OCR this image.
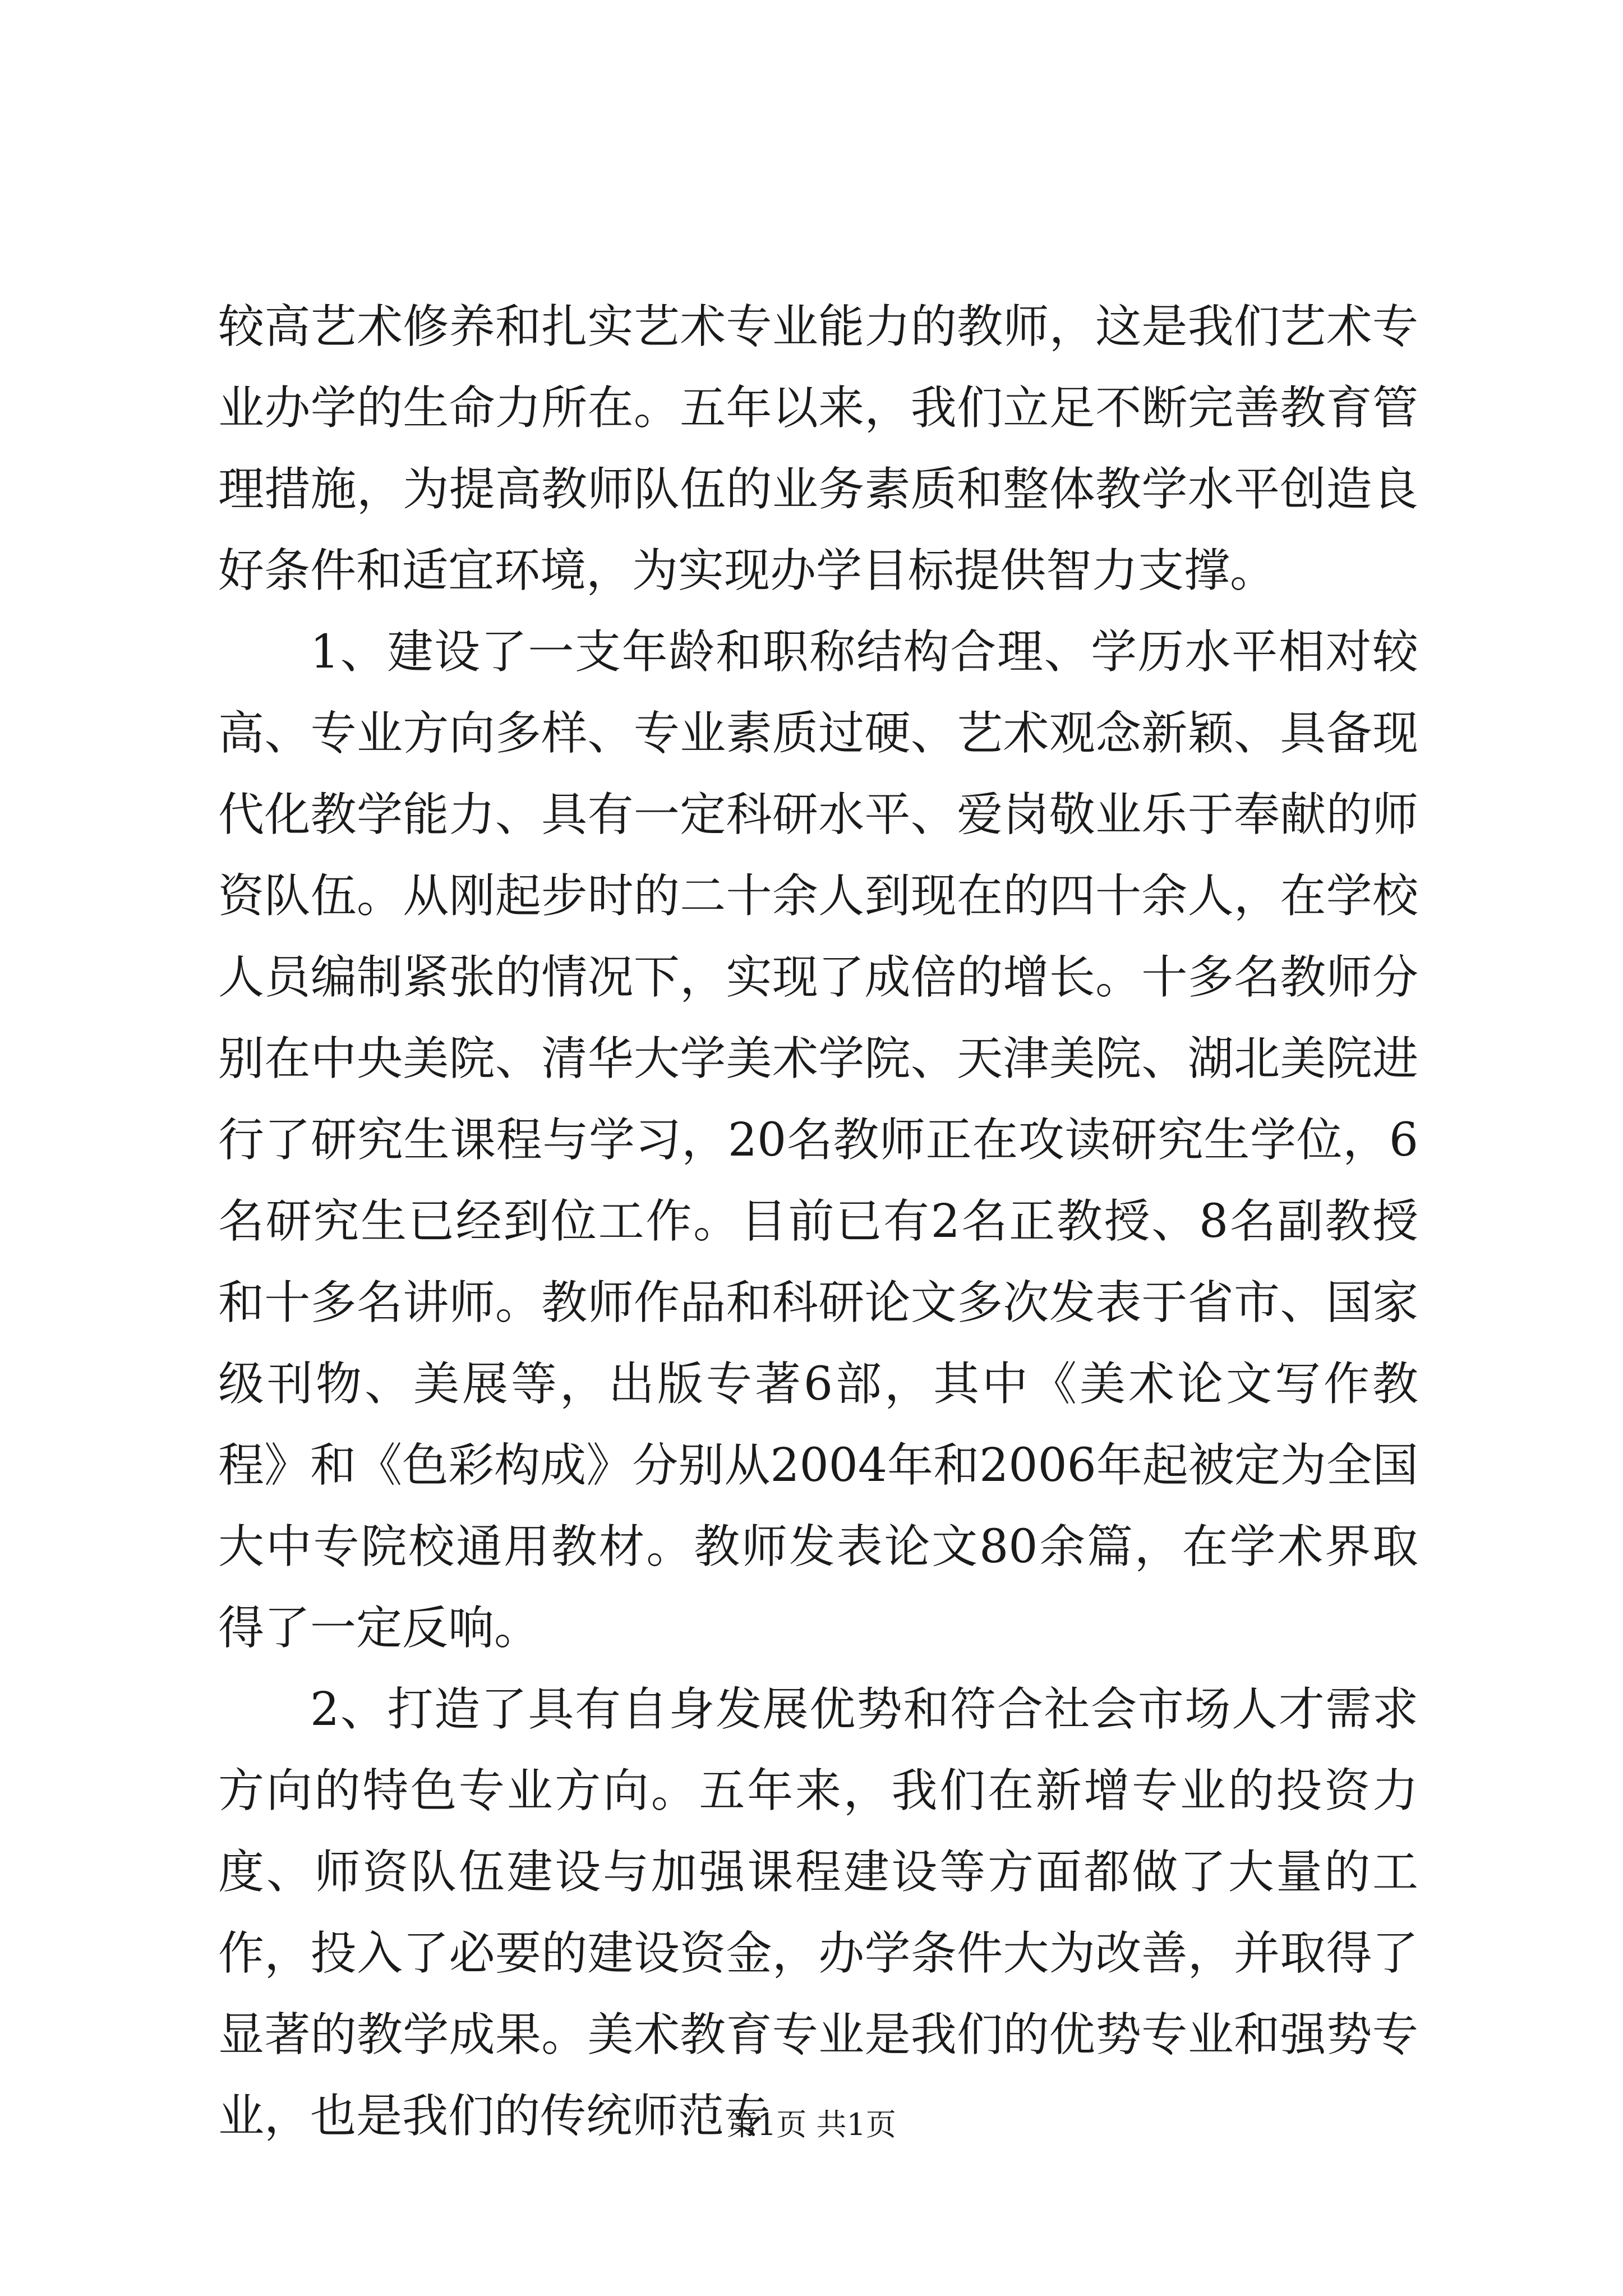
较高艺术修养和扎实艺术专业能力的教师，这是我们艺术专业办学的生命力所在。五年以来，我们立足不断完善教育管理措施，为提高教师队伍的业务素质和整体教学水平创造良好条件和适宜环境，为实现办学目标提供智力支撑。

1、建设了一支年龄和职称结构合理、学历水平相对较高、专业方向多样、专业素质过硬、艺术观念新颖、具备现代化教学能力、具有一定科研水平、爱岗敬业乐于奉献的师资队伍。从刚起步时的二十余人到现在的四十余人，在学校人员编制紧张的情况下，实现了成倍的增长。十多名教师分别在中央美院、清华大学美术学院、天津美院、湖北美院进行了研究生课程与学习，20名教师正在攻读研究生学位，6名研究生已经到位工作。目前已有2名正教授、8名副教授和十多名讲师。教师作品和科研论文多次发表于省市、国家级刊物、美展等，出版专著6部，其中《美术论文写作教程》和《色彩构成》分别从2004年和2006年起被定为全国大中专院校通用教材。教师发表论文80余篇，在学术界取得了一定反响。

2、打造了具有自身发展优势和符合社会市场人才需求方向的特色专业方向。五年来，我们在新增专业的投资力度、师资队伍建设与加强课程建设等方面都做了大量的工作，投入了必要的建设资金，办学条件大为改善，并取得了显著的教学成果。美术教育专业是我们的优势专业和强势专业，也是我们的传统师范专

第1页 共1页
